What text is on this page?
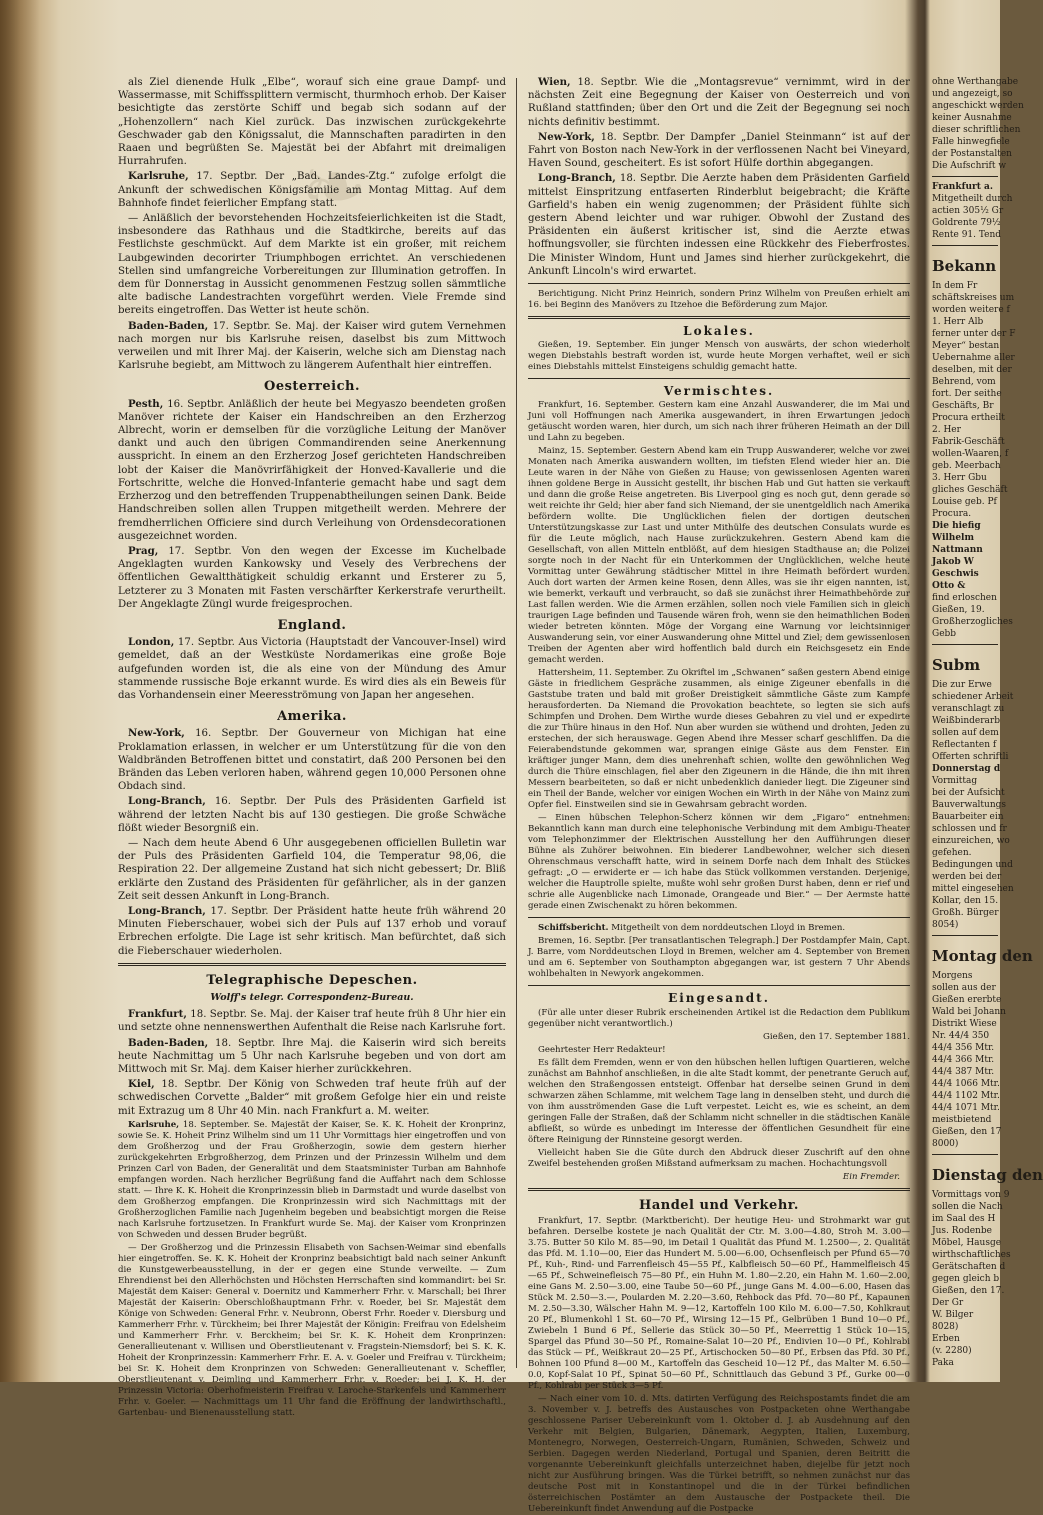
❧

als Ziel dienende Hulk „Elbe“, worauf sich eine graue Dampf- und Wassermasse, mit Schiffssplittern vermischt, thurmhoch erhob. Der Kaiser besichtigte das zerstörte Schiff und begab sich sodann auf der „Hohenzollern“ nach Kiel zurück. Das inzwischen zurückgekehrte Geschwader gab den Königssalut, die Mannschaften paradirten in den Raaen und begrüßten Se. Majestät bei der Abfahrt mit dreimaligen Hurrahrufen.

Karlsruhe, 17. Septbr. Der „Bad. Landes-Ztg.“ zufolge erfolgt die Ankunft der schwedischen Königsfamilie am Montag Mittag. Auf dem Bahnhofe findet feierlicher Empfang statt.

— Anläßlich der bevorstehenden Hochzeitsfeierlichkeiten ist die Stadt, insbesondere das Rathhaus und die Stadtkirche, bereits auf das Festlichste geschmückt. Auf dem Markte ist ein großer, mit reichem Laubgewinden decorirter Triumphbogen errichtet. An verschiedenen Stellen sind umfangreiche Vorbereitungen zur Illumination getroffen. In dem für Donnerstag in Aussicht genommenen Festzug sollen sämmtliche alte badische Landestrachten vorgeführt werden. Viele Fremde sind bereits eingetroffen. Das Wetter ist heute schön.

Baden-Baden, 17. Septbr. Se. Maj. der Kaiser wird gutem Vernehmen nach morgen nur bis Karlsruhe reisen, daselbst bis zum Mittwoch verweilen und mit Ihrer Maj. der Kaiserin, welche sich am Dienstag nach Karlsruhe begiebt, am Mittwoch zu längerem Aufenthalt hier eintreffen.

Oesterreich.

Pesth, 16. Septbr. Anläßlich der heute bei Megyaszo beendeten großen Manöver richtete der Kaiser ein Handschreiben an den Erzherzog Albrecht, worin er demselben für die vorzügliche Leitung der Manöver dankt und auch den übrigen Commandirenden seine Anerkennung ausspricht. In einem an den Erzherzog Josef gerichteten Handschreiben lobt der Kaiser die Manövrirfähigkeit der Honved-Kavallerie und die Fortschritte, welche die Honved-Infanterie gemacht habe und sagt dem Erzherzog und den betreffenden Truppenabtheilungen seinen Dank. Beide Handschreiben sollen allen Truppen mitgetheilt werden. Mehrere der fremdherrlichen Officiere sind durch Verleihung von Ordensdecorationen ausgezeichnet worden.

Prag, 17. Septbr. Von den wegen der Excesse im Kuchelbade Angeklagten wurden Kankowsky und Vesely des Verbrechens der öffentlichen Gewaltthätigkeit schuldig erkannt und Ersterer zu 5, Letzterer zu 3 Monaten mit Fasten verschärfter Kerkerstrafe verurtheilt. Der Angeklagte Züngl wurde freigesprochen.

England.

London, 17. Septbr. Aus Victoria (Hauptstadt der Vancouver-Insel) wird gemeldet, daß an der Westküste Nordamerikas eine große Boje aufgefunden worden ist, die als eine von der Mündung des Amur stammende russische Boje erkannt wurde. Es wird dies als ein Beweis für das Vorhandensein einer Meeresströmung von Japan her angesehen.

Amerika.

New-York, 16. Septbr. Der Gouverneur von Michigan hat eine Proklamation erlassen, in welcher er um Unterstützung für die von den Waldbränden Betroffenen bittet und constatirt, daß 200 Personen bei den Bränden das Leben verloren haben, während gegen 10,000 Personen ohne Obdach sind.

Long-Branch, 16. Septbr. Der Puls des Präsidenten Garfield ist während der letzten Nacht bis auf 130 gestiegen. Die große Schwäche flößt wieder Besorgniß ein.

— Nach dem heute Abend 6 Uhr ausgegebenen officiellen Bulletin war der Puls des Präsidenten Garfield 104, die Temperatur 98,06, die Respiration 22. Der allgemeine Zustand hat sich nicht gebessert; Dr. Bliß erklärte den Zustand des Präsidenten für gefährlicher, als in der ganzen Zeit seit dessen Ankunft in Long-Branch.

Long-Branch, 17. Septbr. Der Präsident hatte heute früh während 20 Minuten Fieberschauer, wobei sich der Puls auf 137 erhob und vorauf Erbrechen erfolgte. Die Lage ist sehr kritisch. Man befürchtet, daß sich die Fieberschauer wiederholen.

Telegraphische Depeschen.
Wolff's telegr. Correspondenz-Bureau.

Frankfurt, 18. Septbr. Se. Maj. der Kaiser traf heute früh 8 Uhr hier ein und setzte ohne nennenswerthen Aufenthalt die Reise nach Karlsruhe fort.

Baden-Baden, 18. Septbr. Ihre Maj. die Kaiserin wird sich bereits heute Nachmittag um 5 Uhr nach Karlsruhe begeben und von dort am Mittwoch mit Sr. Maj. dem Kaiser hierher zurückkehren.

Kiel, 18. Septbr. Der König von Schweden traf heute früh auf der schwedischen Corvette „Balder“ mit großem Gefolge hier ein und reiste mit Extrazug um 8 Uhr 40 Min. nach Frankfurt a. M. weiter.

Karlsruhe, 18. September. Se. Majestät der Kaiser, Se. K. K. Hoheit der Kronprinz, sowie Se. K. Hoheit Prinz Wilhelm sind um 11 Uhr Vormittags hier eingetroffen und von dem Großherzog und der Frau Großherzogin, sowie dem gestern hierher zurückgekehrten Erbgroßherzog, dem Prinzen und der Prinzessin Wilhelm und dem Prinzen Carl von Baden, der Generalität und dem Staatsminister Turban am Bahnhofe empfangen worden. Nach herzlicher Begrüßung fand die Auffahrt nach dem Schlosse statt. — Ihre K. K. Hoheit die Kronprinzessin blieb in Darmstadt und wurde daselbst von dem Großherzog empfangen. Die Kronprinzessin wird sich Nachmittags mit der Großherzoglichen Familie nach Jugenheim begeben und beabsichtigt morgen die Reise nach Karlsruhe fortzusetzen. In Frankfurt wurde Se. Maj. der Kaiser vom Kronprinzen von Schweden und dessen Bruder begrüßt.

— Der Großherzog und die Prinzessin Elisabeth von Sachsen-Weimar sind ebenfalls hier eingetroffen. Se. K. K. Hoheit der Kronprinz beabsichtigt bald nach seiner Ankunft die Kunstgewerbeausstellung, in der er gegen eine Stunde verweilte. — Zum Ehrendienst bei den Allerhöchsten und Höchsten Herrschaften sind kommandirt: bei Sr. Majestät dem Kaiser: General v. Doernitz und Kammerherr Frhr. v. Marschall; bei Ihrer Majestät der Kaiserin: Oberschloßhauptmann Frhr. v. Roeder, bei Sr. Majestät dem Könige von Schweden: General Frhr. v. Neubronn, Oberst Frhr. Roeder v. Diersburg und Kammerherr Frhr. v. Türckheim; bei Ihrer Majestät der Königin: Freifrau von Edelsheim und Kammerherr Frhr. v. Berckheim; bei Sr. K. K. Hoheit dem Kronprinzen: Generallieutenant v. Willisen und Oberstlieutenant v. Fragstein-Niemsdorf; bei S. K. K. Hoheit der Kronprinzessin: Kammerherr Frhr. E. A. v. Goeler und Freifrau v. Türckheim; bei Sr. K. Hoheit dem Kronprinzen von Schweden: Generallieutenant v. Scheffler, Oberstlieutenant v. Deimling und Kammerherr Frhr. v. Roeder; bei J. K. H. der Prinzessin Victoria: Oberhofmeisterin Freifrau v. Laroche-Starkenfels und Kammerherr Frhr. v. Goeler. — Nachmittags um 11 Uhr fand die Eröffnung der landwirthschaftl., Gartenbau- und Bienenausstellung statt.

Wien, 18. Septbr. Wie die „Montagsrevue“ vernimmt, wird in der nächsten Zeit eine Begegnung der Kaiser von Oesterreich und von Rußland stattfinden; über den Ort und die Zeit der Begegnung sei noch nichts definitiv bestimmt.

New-York, 18. Septbr. Der Dampfer „Daniel Steinmann“ ist auf der Fahrt von Boston nach New-York in der verflossenen Nacht bei Vineyard, Haven Sound, gescheitert. Es ist sofort Hülfe dorthin abgegangen.

Long-Branch, 18. Septbr. Die Aerzte haben dem Präsidenten Garfield mittelst Einspritzung entfaserten Rinderblut beigebracht; die Kräfte Garfield's haben ein wenig zugenommen; der Präsident fühlte sich gestern Abend leichter und war ruhiger. Obwohl der Zustand des Präsidenten ein äußerst kritischer ist, sind die Aerzte etwas hoffnungsvoller, sie fürchten indessen eine Rückkehr des Fieberfrostes. Die Minister Windom, Hunt und James sind hierher zurückgekehrt, die Ankunft Lincoln's wird erwartet.

Berichtigung. Nicht Prinz Heinrich, sondern Prinz Wilhelm von Preußen erhielt am 16. bei Beginn des Manövers zu Itzehoe die Beförderung zum Major.

Lokales.

Gießen, 19. September. Ein junger Mensch von auswärts, der schon wiederholt wegen Diebstahls bestraft worden ist, wurde heute Morgen verhaftet, weil er sich eines Diebstahls mittelst Einsteigens schuldig gemacht hatte.

Vermischtes.

Frankfurt, 16. September. Gestern kam eine Anzahl Auswanderer, die im Mai und Juni voll Hoffnungen nach Amerika ausgewandert, in ihren Erwartungen jedoch getäuscht worden waren, hier durch, um sich nach ihrer früheren Heimath an der Dill und Lahn zu begeben.

Mainz, 15. September. Gestern Abend kam ein Trupp Auswanderer, welche vor zwei Monaten nach Amerika auswandern wollten, im tiefsten Elend wieder hier an. Die Leute waren in der Nähe von Gießen zu Hause; von gewissenlosen Agenten waren ihnen goldene Berge in Aussicht gestellt, ihr bischen Hab und Gut hatten sie verkauft und dann die große Reise angetreten. Bis Liverpool ging es noch gut, denn gerade so weit reichte ihr Geld; hier aber fand sich Niemand, der sie unentgeldlich nach Amerika befördern wollte. Die Unglücklichen fielen der dortigen deutschen Unterstützungskasse zur Last und unter Mithülfe des deutschen Consulats wurde es für die Leute möglich, nach Hause zurückzukehren. Gestern Abend kam die Gesellschaft, von allen Mitteln entblößt, auf dem hiesigen Stadthause an; die Polizei sorgte noch in der Nacht für ein Unterkommen der Unglücklichen, welche heute Vormittag unter Gewährung städtischer Mittel in ihre Heimath befördert wurden. Auch dort warten der Armen keine Rosen, denn Alles, was sie ihr eigen nannten, ist, wie bemerkt, verkauft und verbraucht, so daß sie zunächst ihrer Heimathbehörde zur Last fallen werden. Wie die Armen erzählen, sollen noch viele Familien sich in gleich traurigen Lage befinden und Tausende wären froh, wenn sie den heimathlichen Boden wieder betreten könnten. Möge der Vorgang eine Warnung vor leichtsinniger Auswanderung sein, vor einer Auswanderung ohne Mittel und Ziel; dem gewissenlosen Treiben der Agenten aber wird hoffentlich bald durch ein Reichsgesetz ein Ende gemacht werden.

Hattersheim, 11. September. Zu Okriftel im „Schwanen“ saßen gestern Abend einige Gäste in friedlichem Gespräche zusammen, als einige Zigeuner ebenfalls in die Gaststube traten und bald mit großer Dreistigkeit sämmtliche Gäste zum Kampfe herausforderten. Da Niemand die Provokation beachtete, so legten sie sich aufs Schimpfen und Drohen. Dem Wirthe wurde dieses Gebahren zu viel und er expedirte die zur Thüre hinaus in den Hof. Nun aber wurden sie wüthend und drohten, Jeden zu erstechen, der sich herauswage. Gegen Abend ihre Messer scharf geschliffen. Da die Feierabendstunde gekommen war, sprangen einige Gäste aus dem Fenster. Ein kräftiger junger Mann, dem dies unehrenhaft schien, wollte den gewöhnlichen Weg durch die Thüre einschlagen, fiel aber den Zigeunern in die Hände, die ihn mit ihren Messern bearbeiteten, so daß er nicht unbedenklich danieder liegt. Die Zigeuner sind ein Theil der Bande, welcher vor einigen Wochen ein Wirth in der Nähe von Mainz zum Opfer fiel. Einstweilen sind sie in Gewahrsam gebracht worden.

— Einen hübschen Telephon-Scherz können wir dem „Figaro“ entnehmen: Bekanntlich kann man durch eine telephonische Verbindung mit dem Ambigu-Theater vom Telephonzimmer der Elektrischen Ausstellung her den Aufführungen dieser Bühne als Zuhörer beiwohnen. Ein biederer Landbewohner, welcher sich diesen Ohrenschmaus verschafft hatte, wird in seinem Dorfe nach dem Inhalt des Stückes gefragt: „O — erwiderte er — ich habe das Stück vollkommen verstanden. Derjenige, welcher die Hauptrolle spielte, mußte wohl sehr großen Durst haben, denn er rief und schrie alle Augenblicke nach Limonade, Orangeade und Bier.“ — Der Aermste hatte gerade einen Zwischenakt zu hören bekommen.

Schiffsbericht. Mitgetheilt von dem norddeutschen Lloyd in Bremen.

Bremen, 16. Septbr. [Per transatlantischen Telegraph.] Der Postdampfer Main, Capt. J. Barre, vom Norddeutschen Lloyd in Bremen, welcher am 4. September von Bremen und am 6. September von Southampton abgegangen war, ist gestern 7 Uhr Abends wohlbehalten in Newyork angekommen.

Eingesandt.

(Für alle unter dieser Rubrik erscheinenden Artikel ist die Redaction dem Publikum gegenüber nicht verantwortlich.)

Gießen, den 17. September 1881.

Geehrtester Herr Redakteur!

Es fällt dem Fremden, wenn er von den hübschen hellen luftigen Quartieren, welche zunächst am Bahnhof anschließen, in die alte Stadt kommt, der penetrante Geruch auf, welchen den Straßengossen entsteigt. Offenbar hat derselbe seinen Grund in dem schwarzen zähen Schlamme, mit welchem Tage lang in denselben steht, und durch die von ihm ausströmenden Gase die Luft verpestet. Leicht es, wie es scheint, an dem geringen Falle der Straßen, daß der Schlamm nicht schneller in die städtischen Kanäle abfließt, so würde es unbedingt im Interesse der öffentlichen Gesundheit für eine öftere Reinigung der Rinnsteine gesorgt werden.

Vielleicht haben Sie die Güte durch den Abdruck dieser Zuschrift auf den ohne Zweifel bestehenden großen Mißstand aufmerksam zu machen. Hochachtungsvoll

Ein Fremder.
Handel und Verkehr.

Frankfurt, 17. Septbr. (Marktbericht). Der heutige Heu- und Strohmarkt war gut befahren. Derselbe kostete je nach Qualität der Ctr. M. 3.00—4.80, Stroh M. 3.00—3.75. Butter 50 Kilo M. 85—90, im Detail 1 Qualität das Pfund M. 1.2500—, 2. Qualität das Pfd. M. 1.10—00, Eier das Hundert M. 5.00—6.00, Ochsenfleisch per Pfund 65—70 Pf., Kuh-, Rind- und Farrenfleisch 45—55 Pf., Kalbfleisch 50—60 Pf., Hammelfleisch 45—65 Pf., Schweinefleisch 75—80 Pf., ein Huhn M. 1.80—2.20, ein Hahn M. 1.60—2.00, eine Gans M. 2.50—3.00, eine Taube 50—60 Pf., junge Gans M. 4.00—6.00, Hasen das Stück M. 2.50—3.—, Poularden M. 2.20—3.60, Rehbock das Pfd. 70—80 Pf., Kapaunen M. 2.50—3.30, Wälscher Hahn M. 9—12, Kartoffeln 100 Kilo M. 6.00—7.50, Kohlkraut 20 Pf., Blumenkohl 1 St. 60—70 Pf., Wirsing 12—15 Pf., Gelbrüben 1 Bund 10—0 Pf., Zwiebeln 1 Bund 6 Pf., Sellerie das Stück 30—50 Pf., Meerrettig 1 Stück 10—15, Spargel das Pfund 30—50 Pf., Romaine-Salat 10—20 Pf., Endivien 10—0 Pf., Kohlrabi das Stück — Pf., Weißkraut 20—25 Pf., Artischocken 50—80 Pf., Erbsen das Pfd. 30 Pf., Bohnen 100 Pfund 8—00 M., Kartoffeln das Gescheid 10—12 Pf., das Malter M. 6.50—0.0, Kopf-Salat 10 Pf., Spinat 50—60 Pf., Schnittlauch das Gebund 3 Pf., Gurke 00—0 Pf., Kohlrabi per Stück 3—5 Pf.

— Nach einer vom 10. d. Mts. datirten Verfügung des Reichspostamts findet die am 3. November v. J. betreffs des Austausches von Postpacketen ohne Werthangabe geschlossene Pariser Uebereinkunft vom 1. Oktober d. J. ab Ausdehnung auf den Verkehr mit Belgien, Bulgarien, Dänemark, Aegypten, Italien, Luxemburg, Montenegro, Norwegen, Oesterreich-Ungarn, Rumänien, Schweden, Schweiz und Serbien. Dagegen werden Niederland, Portugal und Spanien, deren Beitritt die vorgenannte Uebereinkunft gleichfalls unterzeichnet haben, diejelbe für jetzt noch nicht zur Ausführung bringen. Was die Türkei betrifft, so nehmen zunächst nur das deutsche Post mit in Konstantinopel und die in der Türkei befindlichen österreichischen Postämter an dem Austausche der Postpackete theil. Die Uebereinkunft findet Anwendung auf die Postpacke

ohne Werthangabe
und angezeigt, so
angeschickt werden
keiner Ausnahme
dieser schriftlichen
Falle hinwegfiele
der Postanstalten
Die Aufschrift w
Frankfurt a.
Mitgetheilt durch
actien 305½ Gr
Goldrente 79½
Rente 91. Tend
Bekann
In dem Fr
schäftskreises um
worden weitere f
1. Herr Alb
ferner unter der F
Meyer“ bestan
Uebernahme aller
deselben, mit der
Behrend, vom
fort. Der seithe
Geschäfts, Br
Procura ertheilt
2. Her
Fabrik-Geschäft
wollen-Waaren, f
geb. Meerbach
3. Herr Gbu
gliches Geschäft
Louise geb. Pf
Procura.
Die hiefig
Wilhelm
Nattmann
Jakob W
Geschwis
Otto &
find erloschen
Gießen, 19.
Großherzogliches
Gebb
Subm
Die zur Erwe
schiedener Arbeit
veranschlagt zu
Weißbinderarb
sollen auf dem
Reflectanten f
Offerten schriftli
Donnerstag d
Vormittag
bei der Aufsicht
Bauverwaltungs
Bauarbeiter ein
schlossen und fr
einzureichen, wo
gefehen.
Bedingungen und
werden bei der
mittel eingesehen
Kollar, den 15.
Großh. Bürger
8054)
Montag den
Morgens
sollen aus der
Gießen ererbte
Wald bei Johann
Distrikt Wiese
Nr. 44/4 350
44/4 356 Mtr.
44/4 366 Mtr.
44/4 387 Mtr.
44/4 1066 Mtr.
44/4 1102 Mtr.
44/4 1071 Mtr.
meistbietend
Gießen, den 17
8000)
Dienstag den
Vormittags von 9
sollen die Nach
im Saal des H
Jus. Rodenbe
Möbel, Hausge
wirthschaftliches
Gerätschaften d
gegen gleich b
Gießen, den 17.
Der Gr
W. Bilger
8028)
Erben
(v. 2280)
Paka
